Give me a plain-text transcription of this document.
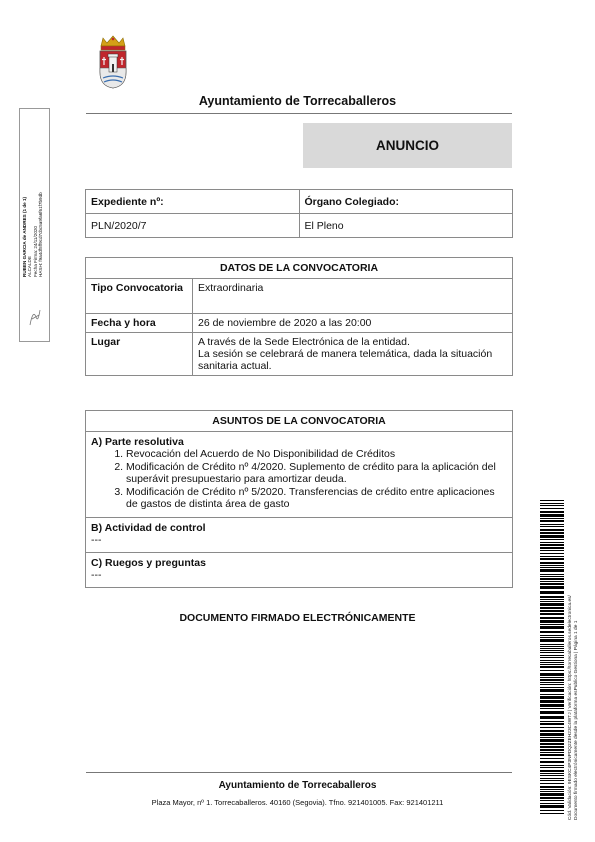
Ayuntamiento de Torrecaballeros
ANUNCIO
Expediente nº:	Órgano Colegiado:
PLN/2020/7	El Pleno
DATOS DE LA CONVOCATORIA	
Tipo Convocatoria	Extraordinaria
Fecha y hora	26 de noviembre de 2020 a las 20:00
Lugar	A través de la Sede Electrónica de la entidad.
La sesión se celebrará de manera telemática, dada la situación sanitaria actual.
ASUNTOS DE LA CONVOCATORIA

A) Parte resolutiva
1. Revocación del Acuerdo de No Disponibilidad de Créditos
2. Modificación de Crédito nº 4/2020. Suplemento de crédito para la aplicación del superávit presupuestario para amortizar deuda.
3. Modificación de Crédito nº 5/2020. Transferencias de crédito entre aplicaciones de gastos de distinta área de gasto

B) Actividad de control
---

C) Ruegos y preguntas
---
DOCUMENTO FIRMADO ELECTRÓNICAMENTE
Ayuntamiento de Torrecaballeros
Plaza Mayor, nº 1. Torrecaballeros. 40160 (Segovia). Tfno. 921401005. Fax: 921401211
RUBEN GARCIA de ANDRES (1 de 1) ALCALDE Fecha Firma: 24/11/2020 HASH: f9a4df5ff9cd7cbc5a9fa6f61f7b9db
Cód. Validación: 9ESKC4P3NPDQ2ZEH23C4WTJ | Verificación: https://torrecaballeros.sedelectronica.es/ Documento firmado electrónicamente desde la plataforma esPublico Gestiona | Página 1 de 1
